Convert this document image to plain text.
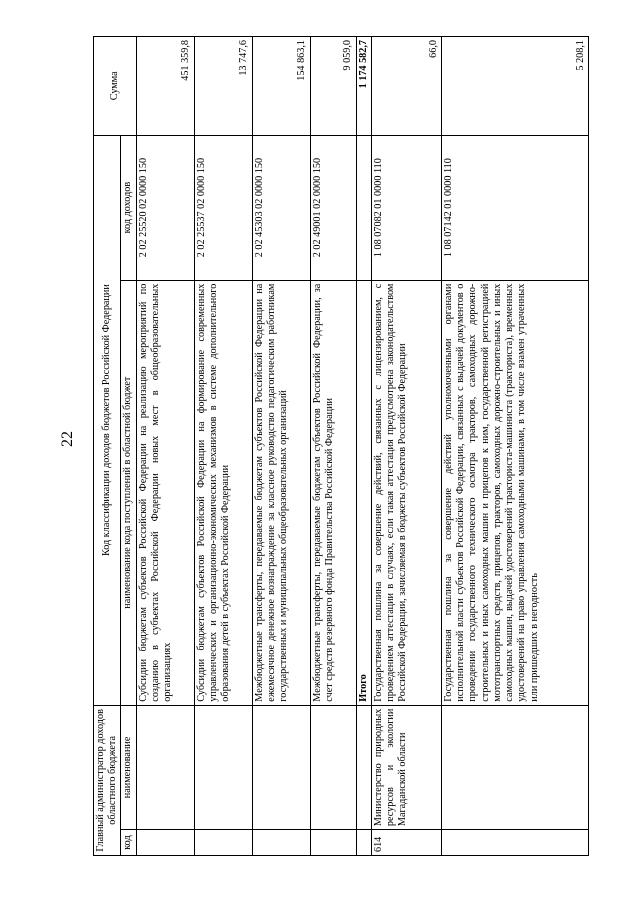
22
Главный администратор доходов областного бюджета		Код классификации доходов бюджетов Российской Федерации		Сумма
код	наименование	наименование кода поступлений в областной бюджет	код доходов	
		Субсидии бюджетам субъектов Российской Федерации на реализацию мероприятий по созданию в субъектах Российской Федерации новых мест в общеобразовательных организациях	2 02 25520 02 0000 150	451 359,8
		Субсидии бюджетам субъектов Российской Федерации на формирование современных управленческих и организационно-экономических механизмов в системе дополнительного образования детей в субъектах Российской Федерации	2 02 25537 02 0000 150	13 747,6
		Межбюджетные трансферты, передаваемые бюджетам субъектов Российской Федерации на ежемесячное денежное вознаграждение за классное руководство педагогическим работникам государственных и муниципальных общеобразовательных организаций	2 02 45303 02 0000 150	154 863,1
		Межбюджетные трансферты, передаваемые бюджетам субъектов Российской Федерации, за счет средств резервного фонда Правительства Российской Федерации	2 02 49001 02 0000 150	9 059,0
		Итого		1 174 582,7
614	Министерство природных ресурсов и экологии Магаданской области	Государственная пошлина за совершение действий, связанных с лицензированием, с проведением аттестации в случаях, если такая аттестация предусмотрена законодательством Российской Федерации, зачисляемая в бюджеты субъектов Российской Федерации	1 08 07082 01 0000 110	66,0
		Государственная пошлина за совершение действий уполномоченными органами исполнительной власти субъектов Российской Федерации, связанных с выдачей документов о проведении государственного технического осмотра тракторов, самоходных дорожно-строительных и иных самоходных машин и прицепов к ним, государственной регистрацией мототранспортных средств, прицепов, тракторов, самоходных дорожно-строительных и иных самоходных машин, выдачей удостоверений тракториста-машиниста (тракториста), временных удостоверений на право управления самоходными машинами, в том числе взамен утраченных или пришедших в негодность	1 08 07142 01 0000 110	5 208,1
